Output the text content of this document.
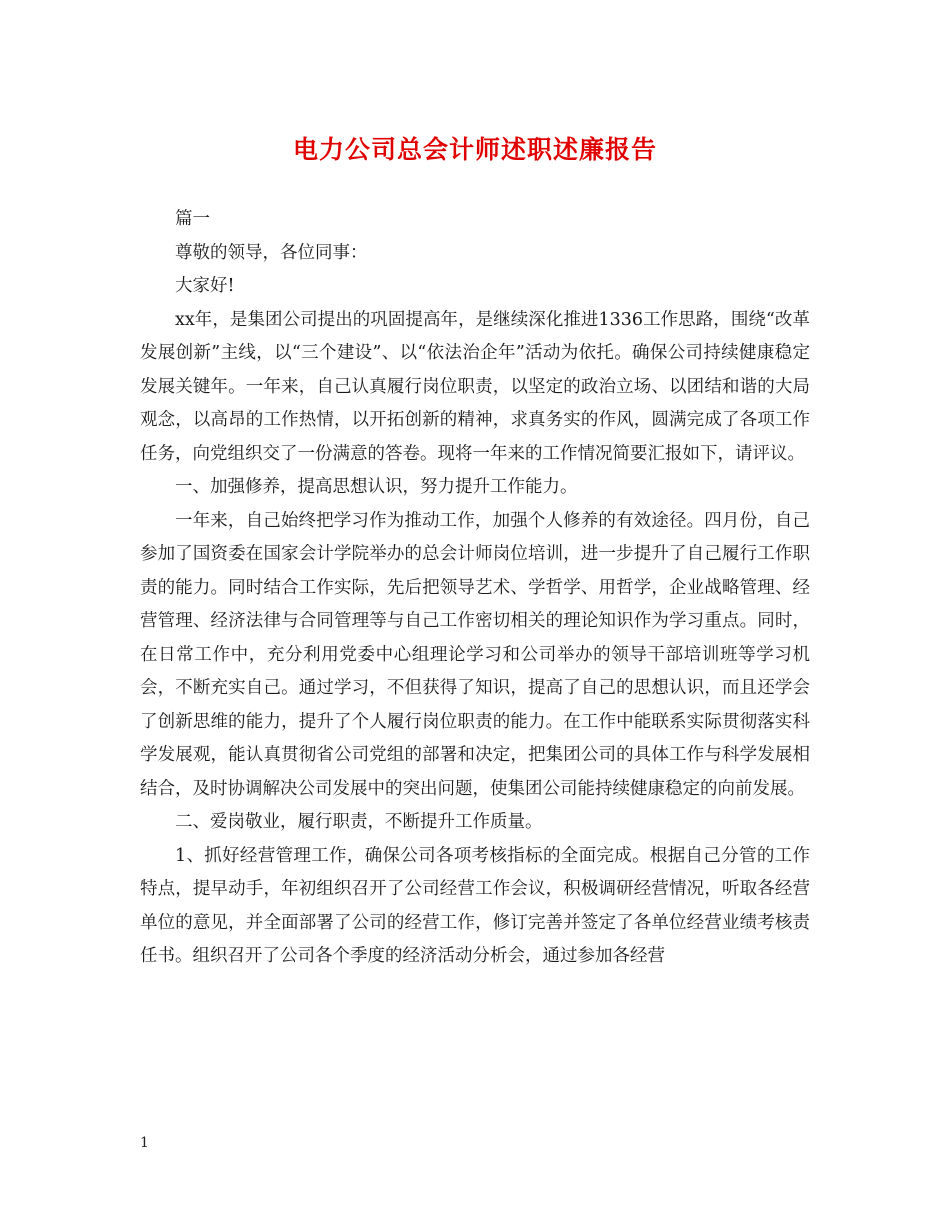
电力公司总会计师述职述廉报告

篇一

尊敬的领导，各位同事：

大家好!

xx年，是集团公司提出的巩固提高年，是继续深化推进1336工作思路，围绕“改革发展创新”主线，以“三个建设”、以“依法治企年”活动为依托。确保公司持续健康稳定发展关键年。一年来，自己认真履行岗位职责，以坚定的政治立场、以团结和谐的大局观念，以高昂的工作热情，以开拓创新的精神，求真务实的作风，圆满完成了各项工作任务，向党组织交了一份满意的答卷。现将一年来的工作情况简要汇报如下，请评议。

一、加强修养，提高思想认识，努力提升工作能力。

一年来，自己始终把学习作为推动工作，加强个人修养的有效途径。四月份，自己参加了国资委在国家会计学院举办的总会计师岗位培训，进一步提升了自己履行工作职责的能力。同时结合工作实际，先后把领导艺术、学哲学、用哲学，企业战略管理、经营管理、经济法律与合同管理等与自己工作密切相关的理论知识作为学习重点。同时，在日常工作中，充分利用党委中心组理论学习和公司举办的领导干部培训班等学习机会，不断充实自己。通过学习，不但获得了知识，提高了自己的思想认识，而且还学会了创新思维的能力，提升了个人履行岗位职责的能力。在工作中能联系实际贯彻落实科学发展观，能认真贯彻省公司党组的部署和决定，把集团公司的具体工作与科学发展相结合，及时协调解决公司发展中的突出问题，使集团公司能持续健康稳定的向前发展。

二、爱岗敬业，履行职责，不断提升工作质量。

1、抓好经营管理工作，确保公司各项考核指标的全面完成。根据自己分管的工作特点，提早动手，年初组织召开了公司经营工作会议，积极调研经营情况，听取各经营单位的意见，并全面部署了公司的经营工作，修订完善并签定了各单位经营业绩考核责任书。组织召开了公司各个季度的经济活动分析会，通过参加各经营

1
